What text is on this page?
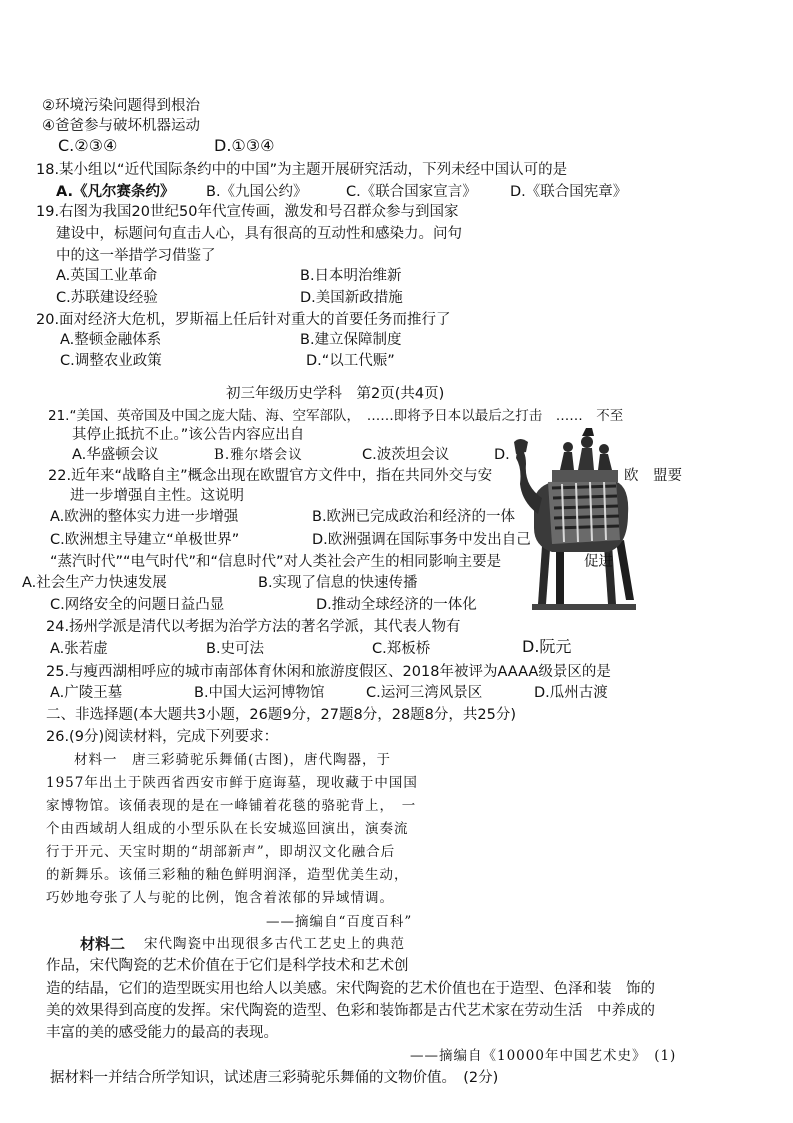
②环境污染问题得到根治
④爸爸参与破坏机器运动
C.②③④	D.①③④
18.某小组以“近代国际条约中的中国”为主题开展研究活动，下列未经中国认可的是
A.《凡尔赛条约》 B.《九国公约》	C.《联合国家宣言》 D.《联合国宪章》
19.右图为我国20世纪50年代宣传画，激发和号召群众参与到国家
建设中，标题问句直击人心，具有很高的互动性和感染力。问句
中的这一举措学习借鉴了
A.英国工业革命	B.日本明治维新
C.苏联建设经验	D.美国新政措施
20.面对经济大危机，罗斯福上任后针对重大的首要任务而推行了
A.整顿金融体系	B.建立保障制度
C.调整农业政策	D.“以工代赈”
初三年级历史学科　第2页(共4页)
21.“美国、英帝国及中国之庞大陆、海、空军部队，　……即将予日本以最后之打击　……　不至
其停止抵抗不止。”该公告内容应出自
A.华盛顿会议	B.雅尔塔会议	C.波茨坦会议	D.
22.近年来“战略自主”概念出现在欧盟官方文件中，指在共同外交与安	欧　盟要
进一步增强自主性。这说明
A.欧洲的整体实力进一步增强	B.欧洲已完成政治和经济的一体
C.欧洲想主导建立“单极世界”	D.欧洲强调在国际事务中发出自己
“蒸汽时代”“电气时代”和“信息时代”对人类社会产生的相同影响主要是	促进
A.社会生产力快速发展	B.实现了信息的快速传播
C.网络安全的问题日益凸显	D.推动全球经济的一体化
24.扬州学派是清代以考据为治学方法的著名学派，其代表人物有
A.张若虚	B.史可法	C.郑板桥	D.阮元
25.与瘦西湖相呼应的城市南部体育休闲和旅游度假区、2018年被评为AAAA级景区的是
A.广陵王墓	B.中国大运河博物馆	C.运河三湾风景区	D.瓜州古渡
二、非选择题(本大题共3小题，26题9分，27题8分，28题8分，共25分)
26.(9分)阅读材料，完成下列要求：
材料一　唐三彩骑驼乐舞俑(古图)，唐代陶器，于
1957年出土于陕西省西安市鲜于庭诲墓，现收藏于中国国
家博物馆。该俑表现的是在一峰铺着花毯的骆驼背上，　一
个由西域胡人组成的小型乐队在长安城巡回演出，演奏流
行于开元、天宝时期的“胡部新声”，即胡汉文化融合后
的新舞乐。该俑三彩釉的釉色鲜明润泽，造型优美生动，
巧妙地夸张了人与驼的比例，饱含着浓郁的异域情调。
——摘编自“百度百科”
材料二 宋代陶瓷中出现很多古代工艺史上的典范
作品，宋代陶瓷的艺术价值在于它们是科学技术和艺术创
造的结晶，它们的造型既实用也给人以美感。宋代陶瓷的艺术价值也在于造型、色泽和装　饰的
美的效果得到高度的发挥。宋代陶瓷的造型、色彩和装饰都是古代艺术家在劳动生活　中养成的
丰富的美的感受能力的最高的表现。
——摘编自《10000年中国艺术史》　(1)
据材料一并结合所学知识，试述唐三彩骑驼乐舞俑的文物价值。　(2分)
